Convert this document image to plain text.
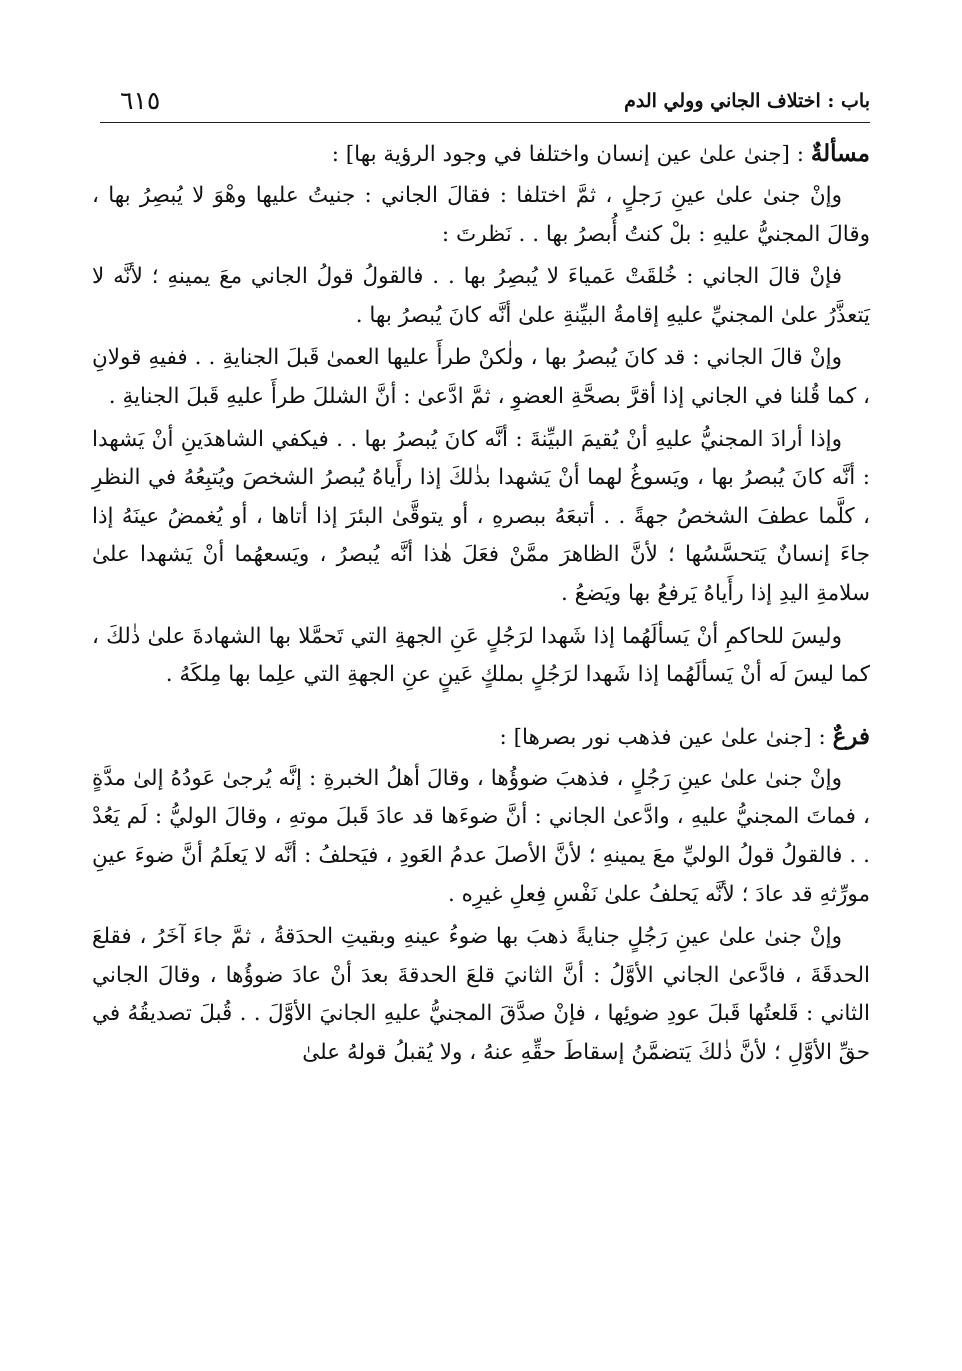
باب : اختلاف الجاني وولي الدم
٦١٥
مسألةٌ : [جنىٰ علىٰ عين إنسان واختلفا في وجود الرؤية بها] :

وإنْ جنىٰ علىٰ عينِ رَجلٍ ، ثمَّ اختلفا : فقالَ الجاني : جنيتُ عليها وهْوَ لا يُبصِرُ بها ، وقالَ المجنيُّ عليهِ : بلْ كنتُ أُبصرُ بها . . نَظرتَ :

فإنْ قالَ الجاني : خُلقَتْ عَمياءَ لا يُبصِرُ بها . . فالقولُ قولُ الجاني معَ يمينهِ ؛ لأنَّه لا يَتعذَّرُ علىٰ المجنيِّ عليهِ إقامةُ البيِّنةِ علىٰ أنَّه كانَ يُبصرُ بها .

وإنْ قالَ الجاني : قد كانَ يُبصرُ بها ، ولٰكنْ طرأَ عليها العمىٰ قَبلَ الجنايةِ . . ففيهِ قولانِ ، كما قُلنا في الجاني إذا أقرَّ بصحَّةِ العضوِ ، ثمَّ ادَّعىٰ : أنَّ الشللَ طرأَ عليهِ قَبلَ الجنايةِ .

وإذا أرادَ المجنيُّ عليهِ أنْ يُقيمَ البيِّنةَ : أنَّه كانَ يُبصرُ بها . . فيكفي الشاهدَينِ أنْ يَشهدا : أنَّه كانَ يُبصرُ بها ، ويَسوغُ لهما أنْ يَشهدا بذٰلكَ إذا رأَياهُ يُبصرُ الشخصَ ويُتبِعُهُ في النظرِ ، كلَّما عطفَ الشخصُ جهةً . . أتبعَهُ ببصرهِ ، أو يتوقَّىٰ البئرَ إذا أتاها ، أو يُغمضُ عينَهُ إذا جاءَ إنسانٌ يَتحسَّسُها ؛ لأنَّ الظاهرَ ممَّنْ فعَلَ هٰذا أنَّه يُبصرُ ، ويَسعهُما أنْ يَشهدا علىٰ سلامةِ اليدِ إذا رأَياهُ يَرفعُ بها ويَضعُ .

وليسَ للحاكمِ أنْ يَسألَهُما إذا شَهدا لرَجُلٍ عَنِ الجهةِ التي تَحمَّلا بها الشهادةَ علىٰ ذٰلكَ ، كما ليسَ لَه أنْ يَسألَهُما إذا شَهدا لرَجُلٍ بملكٍ عَينٍ عنِ الجهةِ التي علِما بها مِلكَهُ .

فرعٌ : [جنىٰ علىٰ عين فذهب نور بصرها] :

وإنْ جنىٰ علىٰ عينِ رَجُلٍ ، فذهبَ ضوؤُها ، وقالَ أهلُ الخبرةِ : إنَّه يُرجىٰ عَودُهُ إلىٰ مدَّةٍ ، فماتَ المجنيُّ عليهِ ، وادَّعىٰ الجاني : أنَّ ضوءَها قد عادَ قَبلَ موتهِ ، وقالَ الوليُّ : لَم يَعُدْ . . فالقولُ قولُ الوليِّ معَ يمينهِ ؛ لأنَّ الأصلَ عدمُ العَودِ ، فيَحلفُ : أنَّه لا يَعلَمُ أنَّ ضوءَ عينِ مورِّثهِ قد عادَ ؛ لأنَّه يَحلفُ علىٰ نَفْسِ فِعلِ غيرِه .

وإنْ جنىٰ علىٰ عينِ رَجُلٍ جنايةً ذهبَ بها ضوءُ عينهِ وبقيتِ الحدَقةُ ، ثمَّ جاءَ آخَرُ ، فقلعَ الحدقَةَ ، فادَّعىٰ الجاني الأوَّلُ : أنَّ الثانيَ قلعَ الحدقةَ بعدَ أنْ عادَ ضوؤُها ، وقالَ الجاني الثاني : قَلعتُها قَبلَ عودِ ضوئِها ، فإنْ صدَّقَ المجنيُّ عليهِ الجانيَ الأوَّلَ . . قُبلَ تصديقُهُ في حقِّ الأوَّلِ ؛ لأنَّ ذٰلكَ يَتضمَّنُ إسقاطَ حقِّهِ عنهُ ، ولا يُقبلُ قولهُ علىٰ
